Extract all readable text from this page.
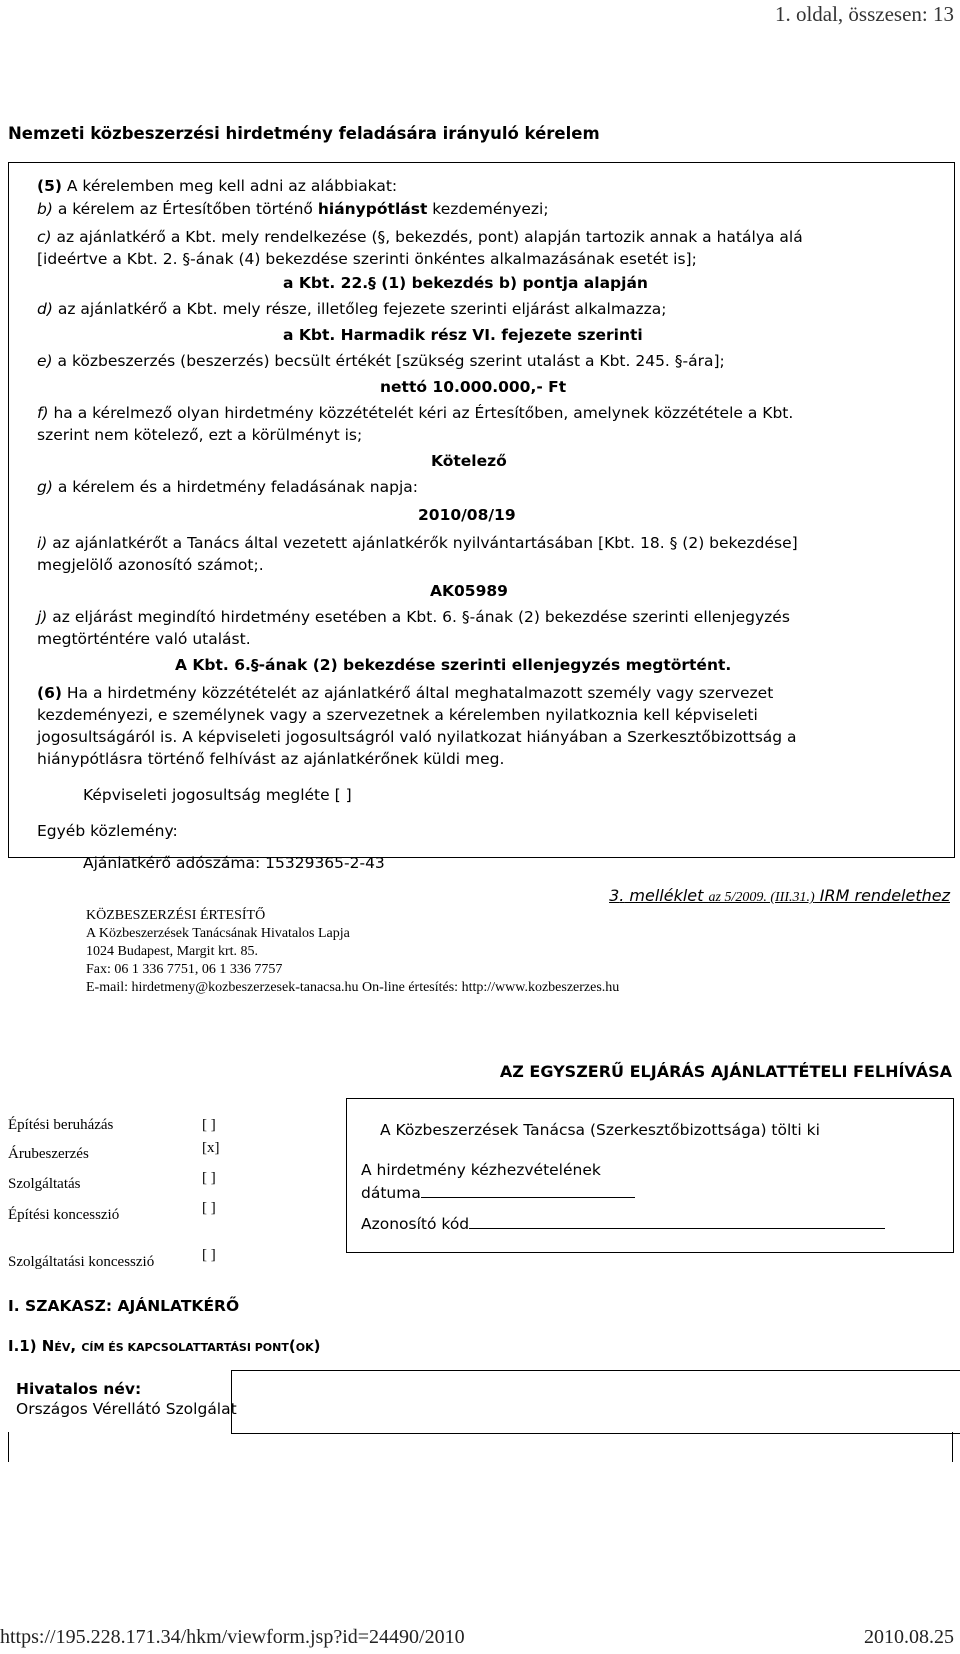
1. oldal, összesen: 13
Nemzeti közbeszerzési hirdetmény feladására irányuló kérelem
(5) A kérelemben meg kell adni az alábbiakat:
b) a kérelem az Értesítőben történő hiánypótlást kezdeményezi;
c) az ajánlatkérő a Kbt. mely rendelkezése (§, bekezdés, pont) alapján tartozik annak a hatálya alá
[ideértve a Kbt. 2. §-ának (4) bekezdése szerinti önkéntes alkalmazásának esetét is];
a Kbt. 22.§ (1) bekezdés b) pontja alapján
d) az ajánlatkérő a Kbt. mely része, illetőleg fejezete szerinti eljárást alkalmazza;
a Kbt. Harmadik rész VI. fejezete szerinti
e) a közbeszerzés (beszerzés) becsült értékét [szükség szerint utalást a Kbt. 245. §-ára];
nettó 10.000.000,- Ft
f) ha a kérelmező olyan hirdetmény közzétételét kéri az Értesítőben, amelynek közzététele a Kbt.
szerint nem kötelező, ezt a körülményt is;
Kötelező
g) a kérelem és a hirdetmény feladásának napja:
2010/08/19
i) az ajánlatkérőt a Tanács által vezetett ajánlatkérők nyilvántartásában [Kbt. 18. § (2) bekezdése]
megjelölő azonosító számot;.
AK05989
j) az eljárást megindító hirdetmény esetében a Kbt. 6. §-ának (2) bekezdése szerinti ellenjegyzés
megtörténtére való utalást.
A Kbt. 6.§-ának (2) bekezdése szerinti ellenjegyzés megtörtént.
(6) Ha a hirdetmény közzétételét az ajánlatkérő által meghatalmazott személy vagy szervezet
kezdeményezi, e személynek vagy a szervezetnek a kérelemben nyilatkoznia kell képviseleti
jogosultságáról is. A képviseleti jogosultságról való nyilatkozat hiányában a Szerkesztőbizottság a
hiánypótlásra történő felhívást az ajánlatkérőnek küldi meg.
Képviseleti jogosultság megléte [ ]
Egyéb közlemény:
Ajánlatkérő adószáma: 15329365-2-43
3. melléklet az 5/2009. (III.31.) IRM rendelethez
KÖZBESZERZÉSI ÉRTESÍTŐ
A Közbeszerzések Tanácsának Hivatalos Lapja
1024 Budapest, Margit krt. 85.
Fax: 06 1 336 7751, 06 1 336 7757
E-mail: hirdetmeny@kozbeszerzesek-tanacsa.hu On-line értesítés: http://www.kozbeszerzes.hu
AZ EGYSZERŰ ELJÁRÁS AJÁNLATTÉTELI FELHÍVÁSA
Építési beruházás	[ ]
Árubeszerzés	[x]
Szolgáltatás	[ ]
Építési koncesszió	[ ]
Szolgáltatási koncesszió	[ ]
A Közbeszerzések Tanácsa (Szerkesztőbizottsága) tölti ki
A hirdetmény kézhezvételének
dátuma
Azonosító kód
I. SZAKASZ: AJÁNLATKÉRŐ
I.1) NÉV, CÍM ÉS KAPCSOLATTARTÁSI PONT(OK)
Hivatalos név:
Országos Vérellátó Szolgálat
https://195.228.171.34/hkm/viewform.jsp?id=24490/2010	2010.08.25
